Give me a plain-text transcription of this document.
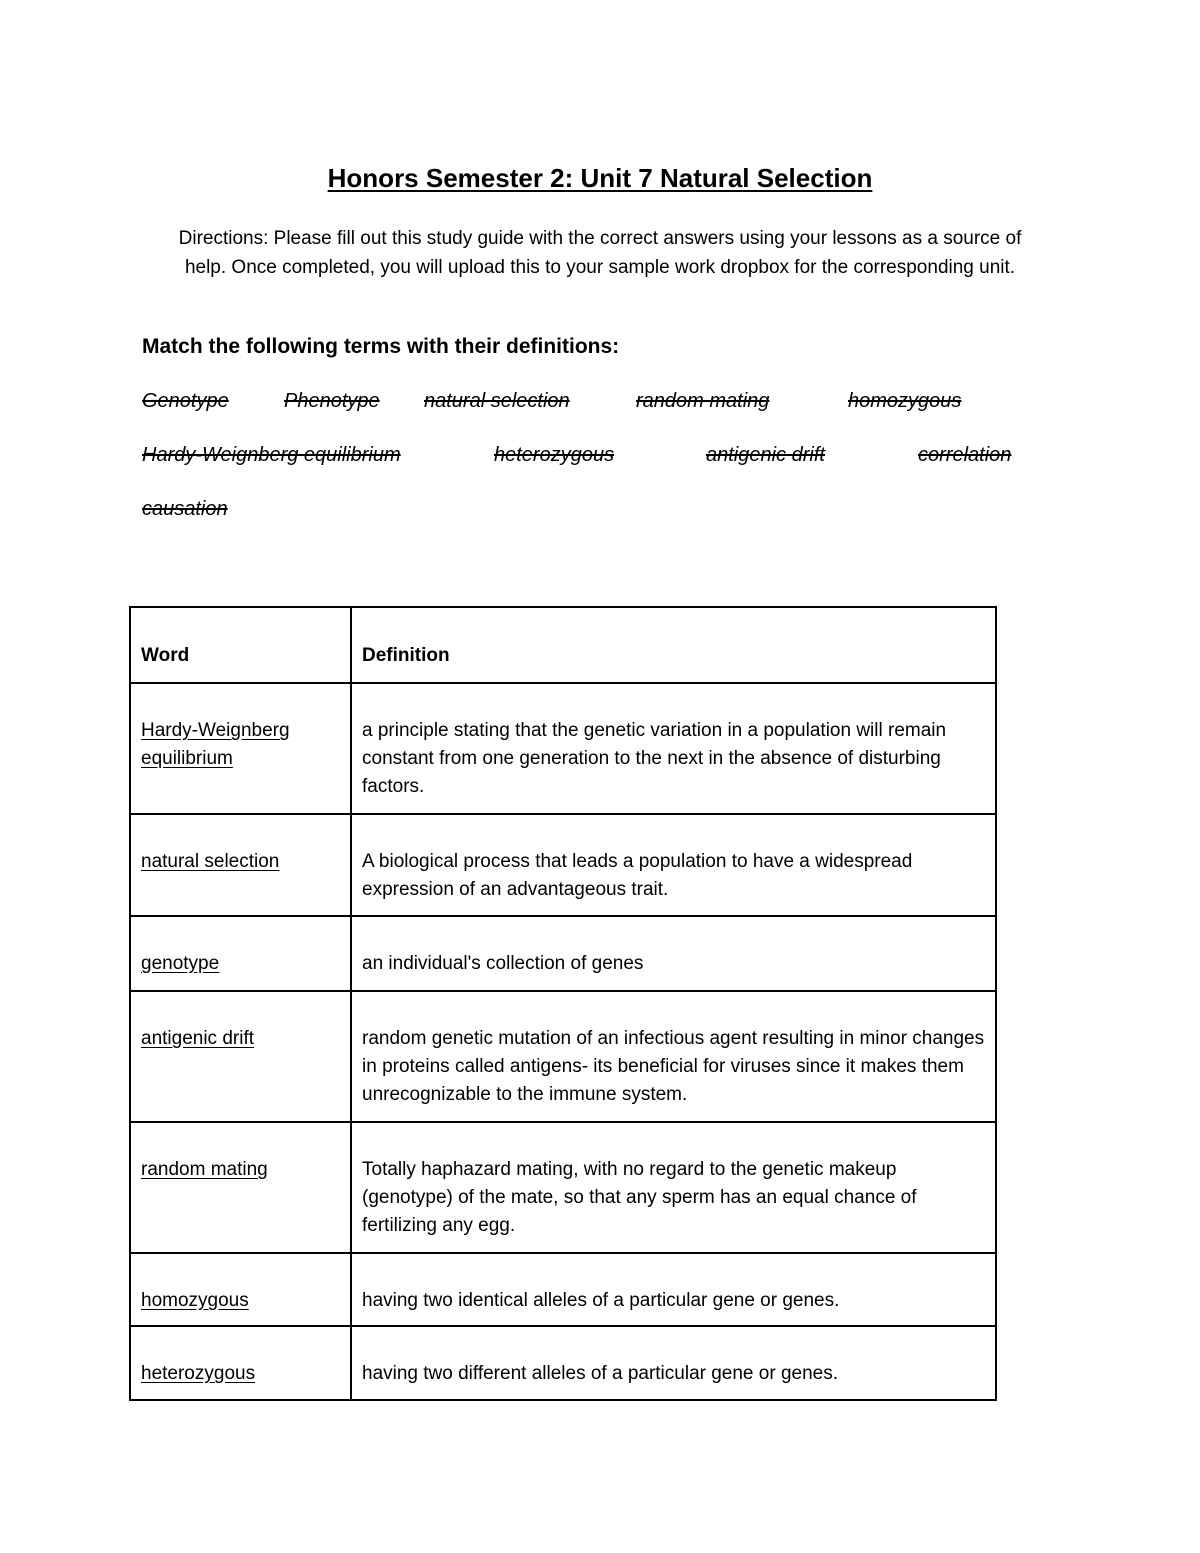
Honors Semester 2: Unit 7 Natural Selection
Directions: Please fill out this study guide with the correct answers using your lessons as a source of help. Once completed, you will upload this to your sample work dropbox for the corresponding unit.
Match the following terms with their definitions:
Genotype	Phenotype natural selection	random mating	homozygous
Hardy-Weignberg equilibrium	heterozygous	antigenic drift	correlation
causation
Word	Definition
Hardy-Weignberg equilibrium	a principle stating that the genetic variation in a population will remain constant from one generation to the next in the absence of disturbing factors.
natural selection	A biological process that leads a population to have a widespread expression of an advantageous trait.
genotype	an individual's collection of genes
antigenic drift	random genetic mutation of an infectious agent resulting in minor changes in proteins called antigens- its beneficial for viruses since it makes them unrecognizable to the immune system.
random mating	Totally haphazard mating, with no regard to the genetic makeup (genotype) of the mate, so that any sperm has an equal chance of fertilizing any egg.
homozygous	having two identical alleles of a particular gene or genes.
heterozygous	having two different alleles of a particular gene or genes.
